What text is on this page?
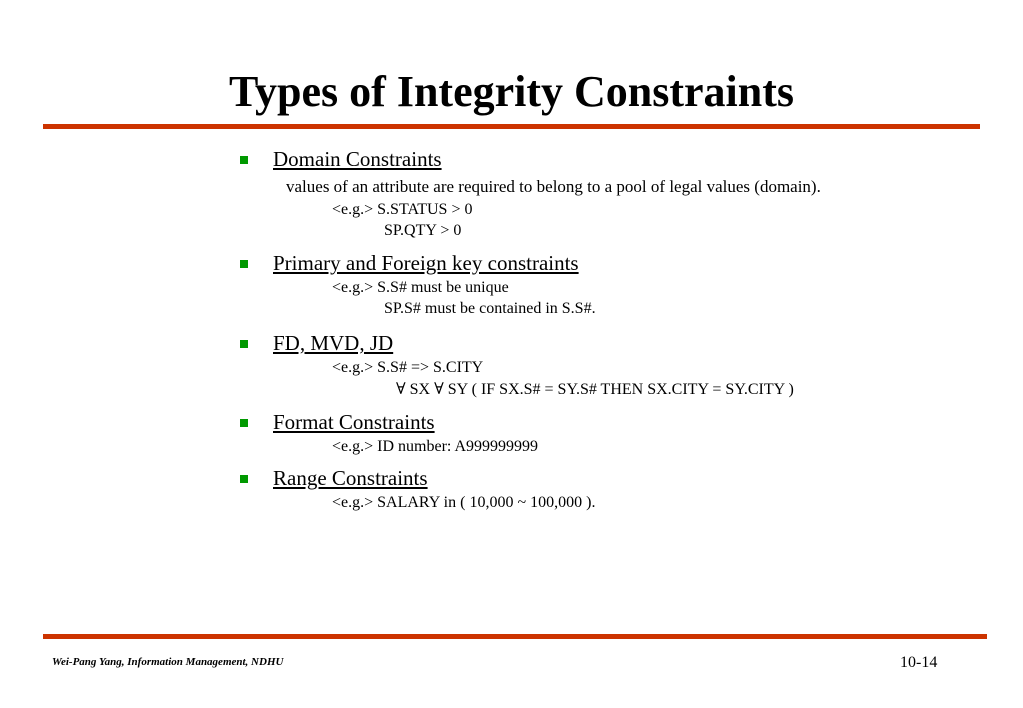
Types of Integrity Constraints
Domain Constraints
values of an attribute are required to belong to a pool of legal values (domain).
<e.g.> S.STATUS > 0
SP.QTY > 0
Primary and Foreign key constraints
<e.g.> S.S# must be unique
SP.S# must be contained in S.S#.
FD, MVD, JD
<e.g.> S.S# => S.CITY
∀ SX ∀ SY ( IF SX.S# = SY.S# THEN SX.CITY = SY.CITY )
Format Constraints
<e.g.> ID number: A999999999
Range Constraints
<e.g.> SALARY in ( 10,000 ~ 100,000 ).
Wei-Pang Yang, Information Management, NDHU	10-14
